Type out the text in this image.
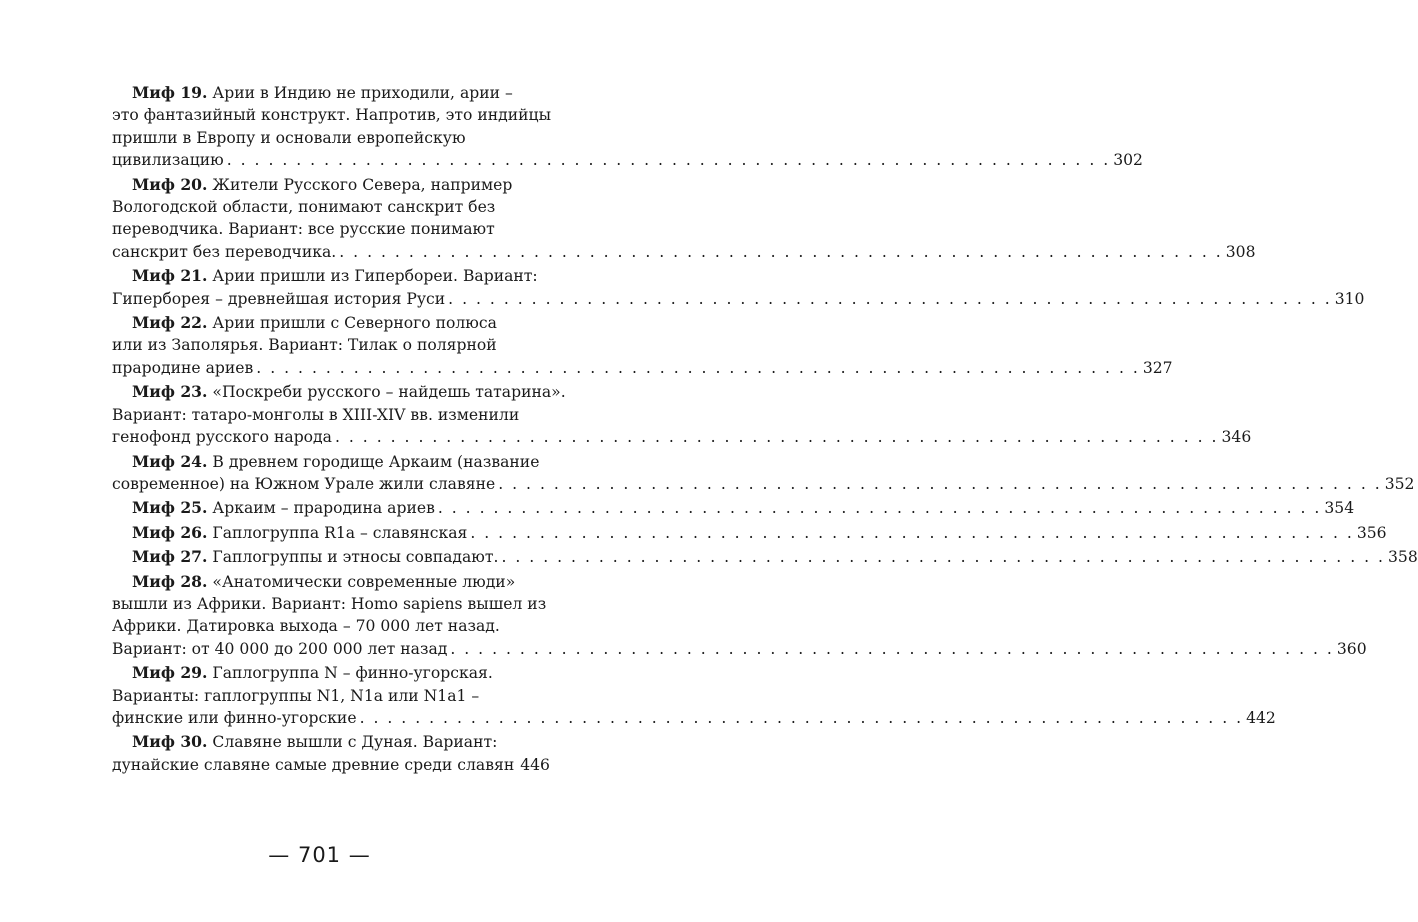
Миф 19. Арии в Индию не приходили, арии –
это фантазийный конструкт. Напротив, это индийцы
пришли в Европу и основали европейскую
цивилизацию . . .	302
Миф 20. Жители Русского Севера, например
Вологодской области, понимают санскрит без
переводчика. Вариант: все русские понимают
санскрит без переводчика. . . .	308
Миф 21. Арии пришли из Гипербореи. Вариант:
Гиперборея – древнейшая история Руси . . .	310
Миф 22. Арии пришли с Северного полюса
или из Заполярья. Вариант: Тилак о полярной
прародине ариев . . .	327
Миф 23. «Поскреби русского – найдешь татарина».
Вариант: татаро-монголы в XIII-XIV вв. изменили
генофонд русского народа . . .	346
Миф 24. В древнем городище Аркаим (название
современное) на Южном Урале жили славяне . . .	352
Миф 25. Аркаим – прародина ариев . . .	354
Миф 26. Гаплогруппа R1a – славянская . . .	356
Миф 27. Гаплогруппы и этносы совпадают. . . .	358
Миф 28. «Анатомически современные люди»
вышли из Африки. Вариант: Homo sapiens вышел из
Африки. Датировка выхода – 70 000 лет назад.
Вариант: от 40 000 до 200 000 лет назад . . .	360
Миф 29. Гаплогруппа N – финно-угорская.
Варианты: гаплогруппы N1, N1a или N1a1 –
финские или финно-угорские . . .	442
Миф 30. Славяне вышли с Дуная. Вариант:
дунайские славяне самые древние среди славян 446
— 701 —
